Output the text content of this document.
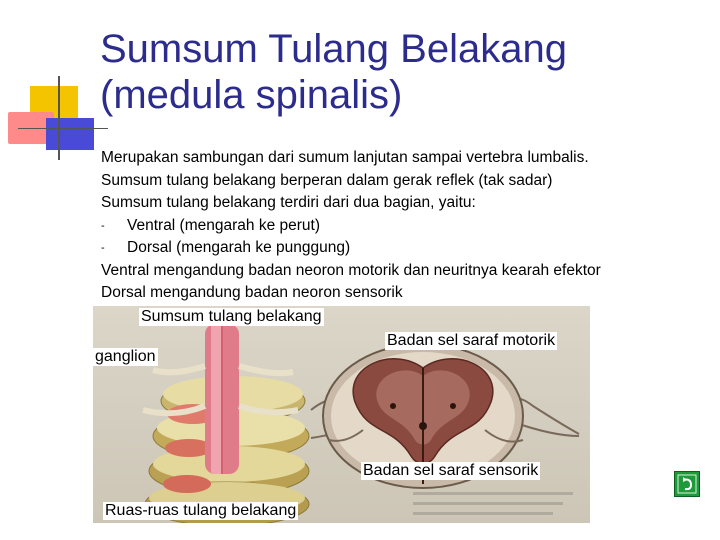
Sumsum Tulang Belakang
(medula spinalis)
Merupakan sambungan dari sumum lanjutan sampai vertebra lumbalis.
Sumsum tulang belakang berperan dalam gerak reflek (tak sadar)
Sumsum tulang belakang terdiri dari dua bagian, yaitu:
-	Ventral (mengarah ke perut)
-	Dorsal (mengarah ke punggung)
Ventral mengandung badan neoron motorik dan neuritnya kearah efektor
Dorsal mengandung badan neoron sensorik
Sumsum tulang belakang
ganglion
Badan sel saraf motorik
Badan sel saraf sensorik
Ruas-ruas tulang belakang
